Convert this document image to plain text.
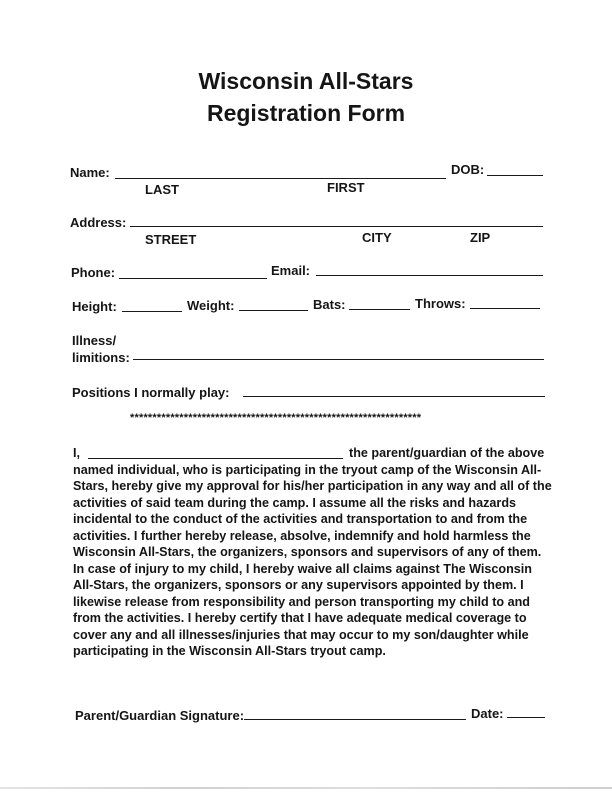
Wisconsin All-Stars
Registration Form
Name:	DOB:
LAST	FIRST
Address:
STREET	CITY	ZIP
Phone:	Email:
Height:	Weight:	Bats:	Throws:
Illness/
limitions:
Positions I normally play:
*****************************************************************
I,	the parent/guardian of the above

named individual, who is participating in the tryout camp of the Wisconsin All-Stars, hereby give my approval for his/her participation in any way and all of the activities of said team during the camp. I assume all the risks and hazards incidental to the conduct of the activities and transportation to and from the activities. I further hereby release, absolve, indemnify and hold harmless the Wisconsin All-Stars, the organizers, sponsors and supervisors of any of them. In case of injury to my child, I hereby waive all claims against The Wisconsin All-Stars, the organizers, sponsors or any supervisors appointed by them. I likewise release from responsibility and person transporting my child to and from the activities. I hereby certify that I have adequate medical coverage to cover any and all illnesses/injuries that may occur to my son/daughter while participating in the Wisconsin All-Stars tryout camp.

Parent/Guardian Signature:	Date:
